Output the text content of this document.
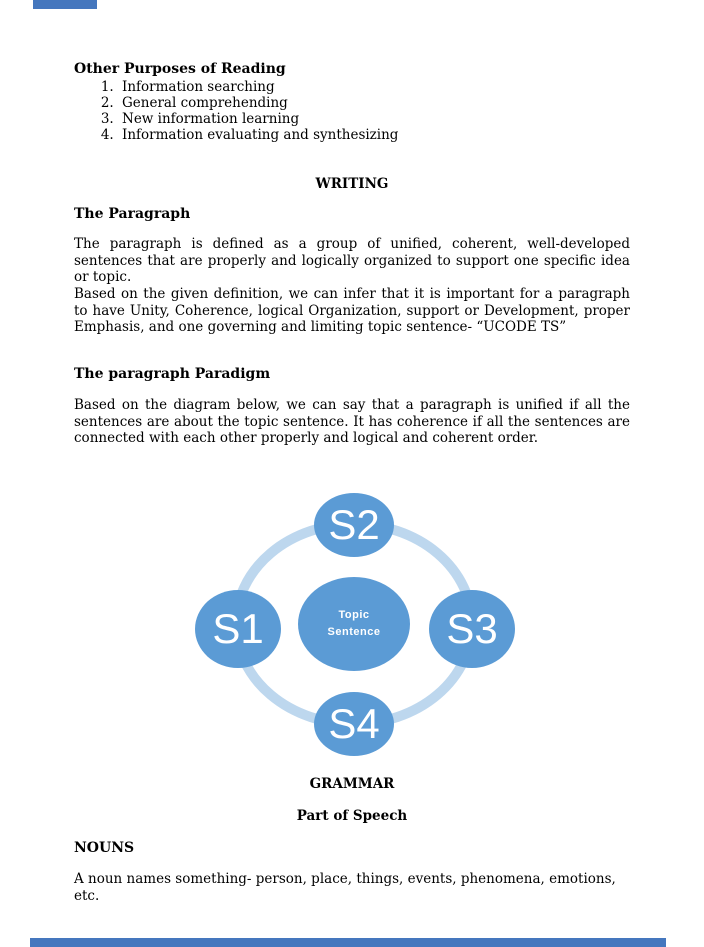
Other Purposes of Reading
1. Information searching
2. General comprehending
3. New information learning
4. Information evaluating and synthesizing
WRITING
The Paragraph
The paragraph is defined as a group of unified, coherent, well-developed sentences that are properly and logically organized to support one specific idea or topic.
Based on the given definition, we can infer that it is important for a paragraph to have Unity, Coherence, logical Organization, support or Development, proper Emphasis, and one governing and limiting topic sentence- “UCODE TS”
The paragraph Paradigm
Based on the diagram below, we can say that a paragraph is unified if all the sentences are about the topic sentence. It has coherence if all the sentences are connected with each other properly and logical and coherent order.
S2
S1	Topic Sentence	S3
S4
GRAMMAR
Part of Speech
NOUNS
A noun names something- person, place, things, events, phenomena, emotions, etc.
